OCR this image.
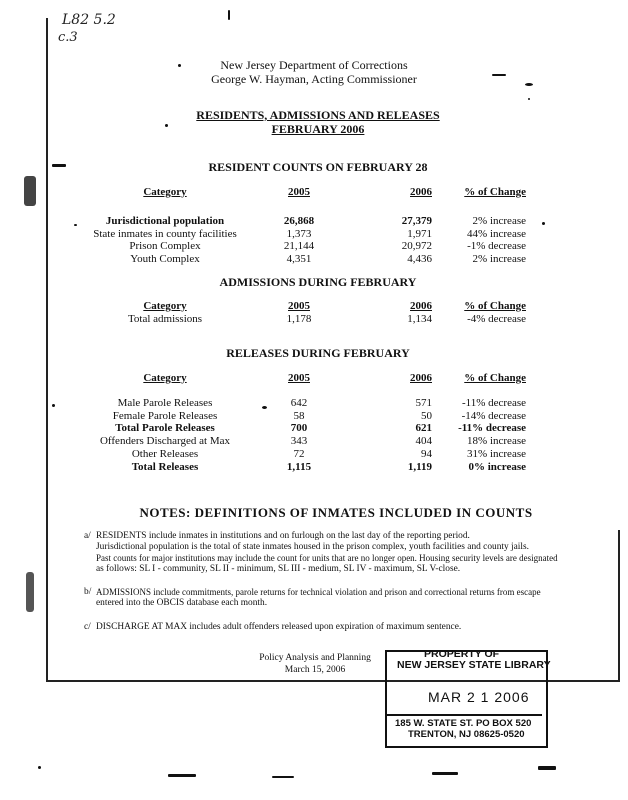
L82 5.2
c.3
New Jersey Department of Corrections
George W. Hayman, Acting Commissioner
RESIDENTS, ADMISSIONS AND RELEASES
FEBRUARY 2006
RESIDENT COUNTS ON FEBRUARY 28
Category	2005	2006	% of Change

Jurisdictional population	26,868	27,379	2% increase
State inmates in county facilities	1,373	1,971	44% increase
Prison Complex	21,144	20,972	-1% decrease
Youth Complex	4,351	4,436	2% increase
ADMISSIONS DURING FEBRUARY
Category	2005	2006	% of Change
Total admissions	1,178	1,134	-4% decrease
RELEASES DURING FEBRUARY
Category	2005	2006	% of Change

Male Parole Releases	642	571	-11% decrease
Female Parole Releases	58	50	-14% decrease
Total Parole Releases	700	621	-11% decrease
Offenders Discharged at Max	343	404	18% increase
Other Releases	72	94	31% increase
Total Releases	1,115	1,119	0% increase
NOTES: DEFINITIONS OF INMATES INCLUDED IN COUNTS
a/ RESIDENTS include inmates in institutions and on furlough on the last day of the reporting period.
Jurisdictional population is the total of state inmates housed in the prison complex, youth facilities and county jails.
Past counts for major institutions may include the count for units that are no longer open. Housing security levels are designated
as follows: SL I - community, SL II - minimum, SL III - medium, SL IV - maximum, SL V-close.
b/ ADMISSIONS include commitments, parole returns for technical violation and prison and correctional returns from escape
entered into the OBCIS database each month.
c/ DISCHARGE AT MAX includes adult offenders released upon expiration of maximum sentence.
Policy Analysis and Planning
March 15, 2006
PROPERTY OF
NEW JERSEY STATE LIBRARY
MAR 2 1 2006
185 W. STATE ST. PO BOX 520
TRENTON, NJ 08625-0520
